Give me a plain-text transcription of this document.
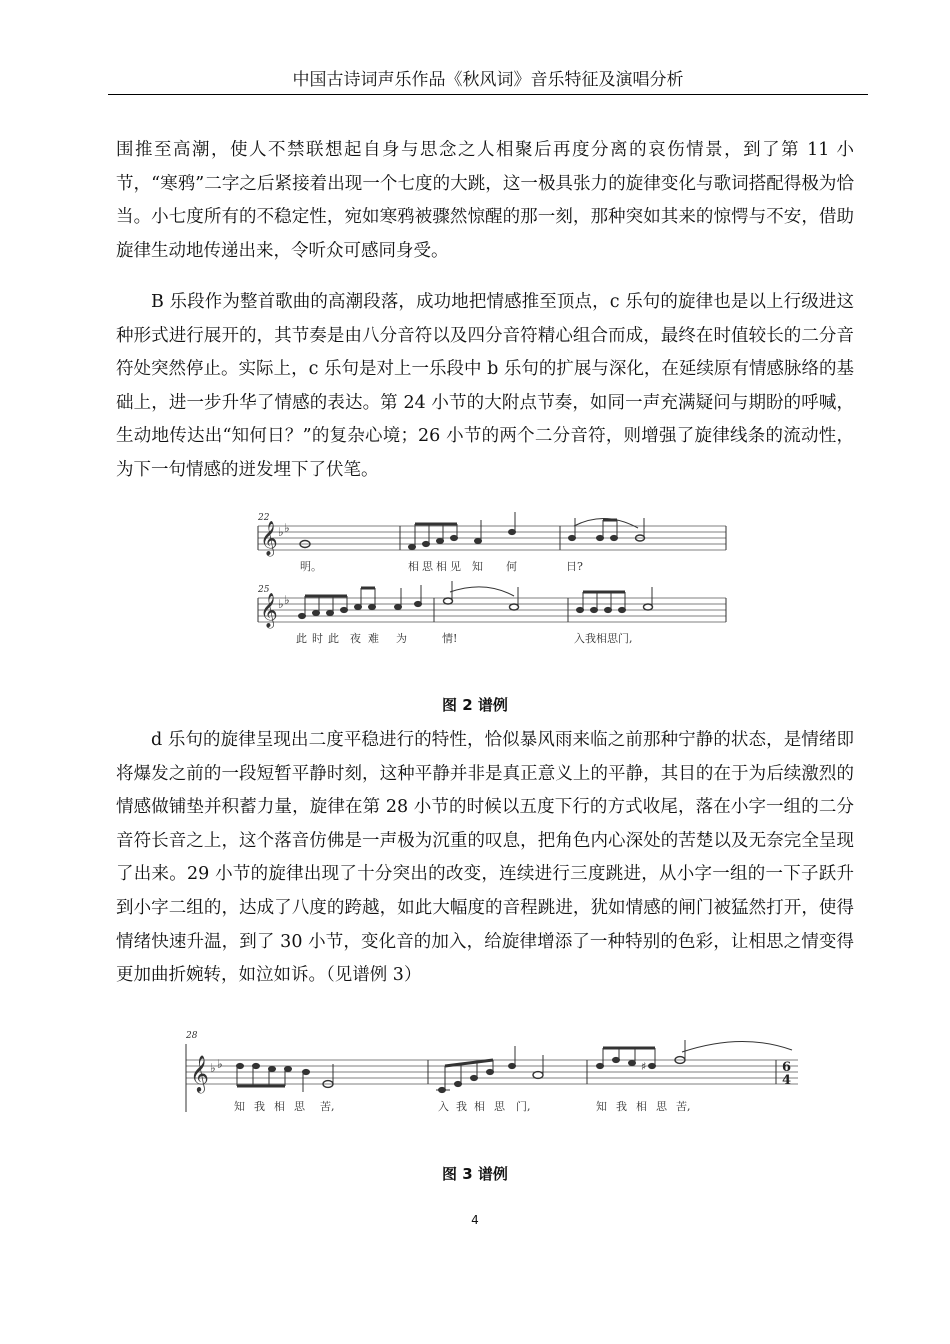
中国古诗词声乐作品《秋风词》音乐特征及演唱分析

围推至高潮，使人不禁联想起自身与思念之人相聚后再度分离的哀伤情景，到了第 11 小节，“寒鸦”二字之后紧接着出现一个七度的大跳，这一极具张力的旋律变化与歌词搭配得极为恰当。小七度所有的不稳定性，宛如寒鸦被骤然惊醒的那一刻，那种突如其来的惊愕与不安，借助旋律生动地传递出来，令听众可感同身受。

B 乐段作为整首歌曲的高潮段落，成功地把情感推至顶点，c 乐句的旋律也是以上行级进这种形式进行展开的，其节奏是由八分音符以及四分音符精心组合而成，最终在时值较长的二分音符处突然停止。实际上，c 乐句是对上一乐段中 b 乐句的扩展与深化，在延续原有情感脉络的基础上，进一步升华了情感的表达。第 24 小节的大附点节奏，如同一声充满疑问与期盼的呼喊，生动地传达出“知何日？”的复杂心境；26 小节的两个二分音符，则增强了旋律线条的流动性，为下一句情感的迸发埋下了伏笔。

22
𝄞 ♭ ♭
明。	相 思 相 见 知 何	日?
25
𝄞 ♭ ♭
此 时 此 夜 难 为	情!	入我相思门,
图 2 谱例

d 乐句的旋律呈现出二度平稳进行的特性，恰似暴风雨来临之前那种宁静的状态，是情绪即将爆发之前的一段短暂平静时刻，这种平静并非是真正意义上的平静，其目的在于为后续激烈的情感做铺垫并积蓄力量，旋律在第 28 小节的时候以五度下行的方式收尾，落在小字一组的二分音符长音之上，这个落音仿佛是一声极为沉重的叹息，把角色内心深处的苦楚以及无奈完全呈现了出来。29 小节的旋律出现了十分突出的改变，连续进行三度跳进，从小字一组的一下子跃升到小字二组的，达成了八度的跨越，如此大幅度的音程跳进，犹如情感的闸门被猛然打开，使得情绪快速升温，到了 30 小节，变化音的加入，给旋律增添了一种特别的色彩，让相思之情变得更加曲折婉转，如泣如诉。（见谱例 3）

28
𝄞 ♭ ♭	♯	6
4
知 我 相 思 苦,	入 我 相 思 门,	知 我 相 思 苦,
图 3 谱例
4
